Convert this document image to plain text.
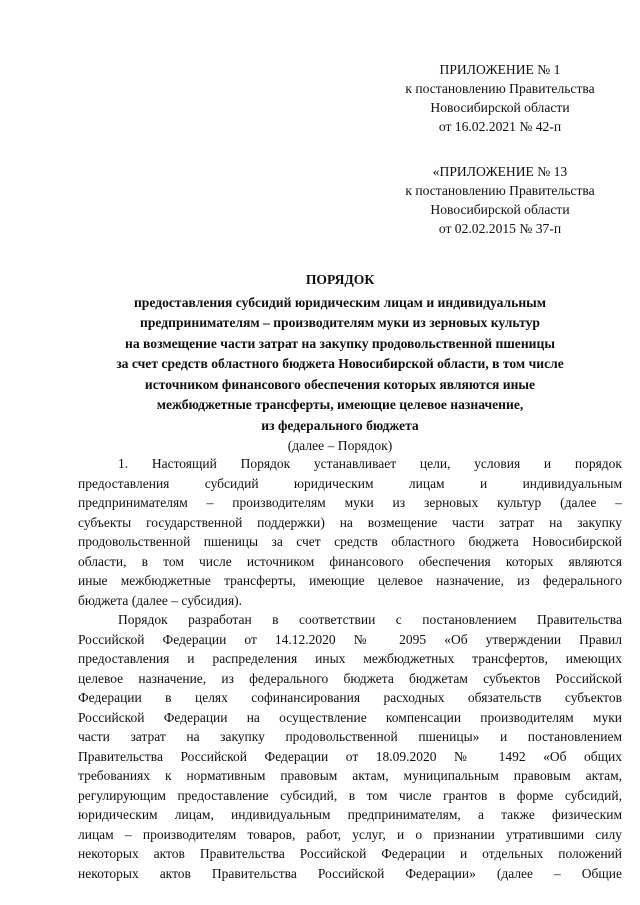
ПРИЛОЖЕНИЕ № 1
к постановлению Правительства
Новосибирской области
от 16.02.2021 № 42-п
«ПРИЛОЖЕНИЕ № 13
к постановлению Правительства
Новосибирской области
от 02.02.2015 № 37-п
ПОРЯДОК
предоставления субсидий юридическим лицам и индивидуальным
предпринимателям – производителям муки из зерновых культур
на возмещение части затрат на закупку продовольственной пшеницы
за счет средств областного бюджета Новосибирской области, в том числе
источником финансового обеспечения которых являются иные
межбюджетные трансферты, имеющие целевое назначение,
из федерального бюджета
(далее – Порядок)
1. Настоящий Порядок устанавливает цели, условия и порядок
предоставления субсидий юридическим лицам и индивидуальным
предпринимателям – производителям муки из зерновых культур (далее –
субъекты государственной поддержки) на возмещение части затрат на закупку
продовольственной пшеницы за счет средств областного бюджета Новосибирской
области, в том числе источником финансового обеспечения которых являются
иные межбюджетные трансферты, имеющие целевое назначение, из федерального
бюджета (далее – субсидия).
Порядок разработан в соответствии с постановлением Правительства
Российской Федерации от 14.12.2020 № 2095 «Об утверждении Правил
предоставления и распределения иных межбюджетных трансфертов, имеющих
целевое назначение, из федерального бюджета бюджетам субъектов Российской
Федерации в целях софинансирования расходных обязательств субъектов
Российской Федерации на осуществление компенсации производителям муки
части затрат на закупку продовольственной пшеницы» и постановлением
Правительства Российской Федерации от 18.09.2020 № 1492 «Об общих
требованиях к нормативным правовым актам, муниципальным правовым актам,
регулирующим предоставление субсидий, в том числе грантов в форме субсидий,
юридическим лицам, индивидуальным предпринимателям, а также физическим
лицам – производителям товаров, работ, услуг, и о признании утратившими силу
некоторых актов Правительства Российской Федерации и отдельных положений
некоторых актов Правительства Российской Федерации» (далее – Общие
